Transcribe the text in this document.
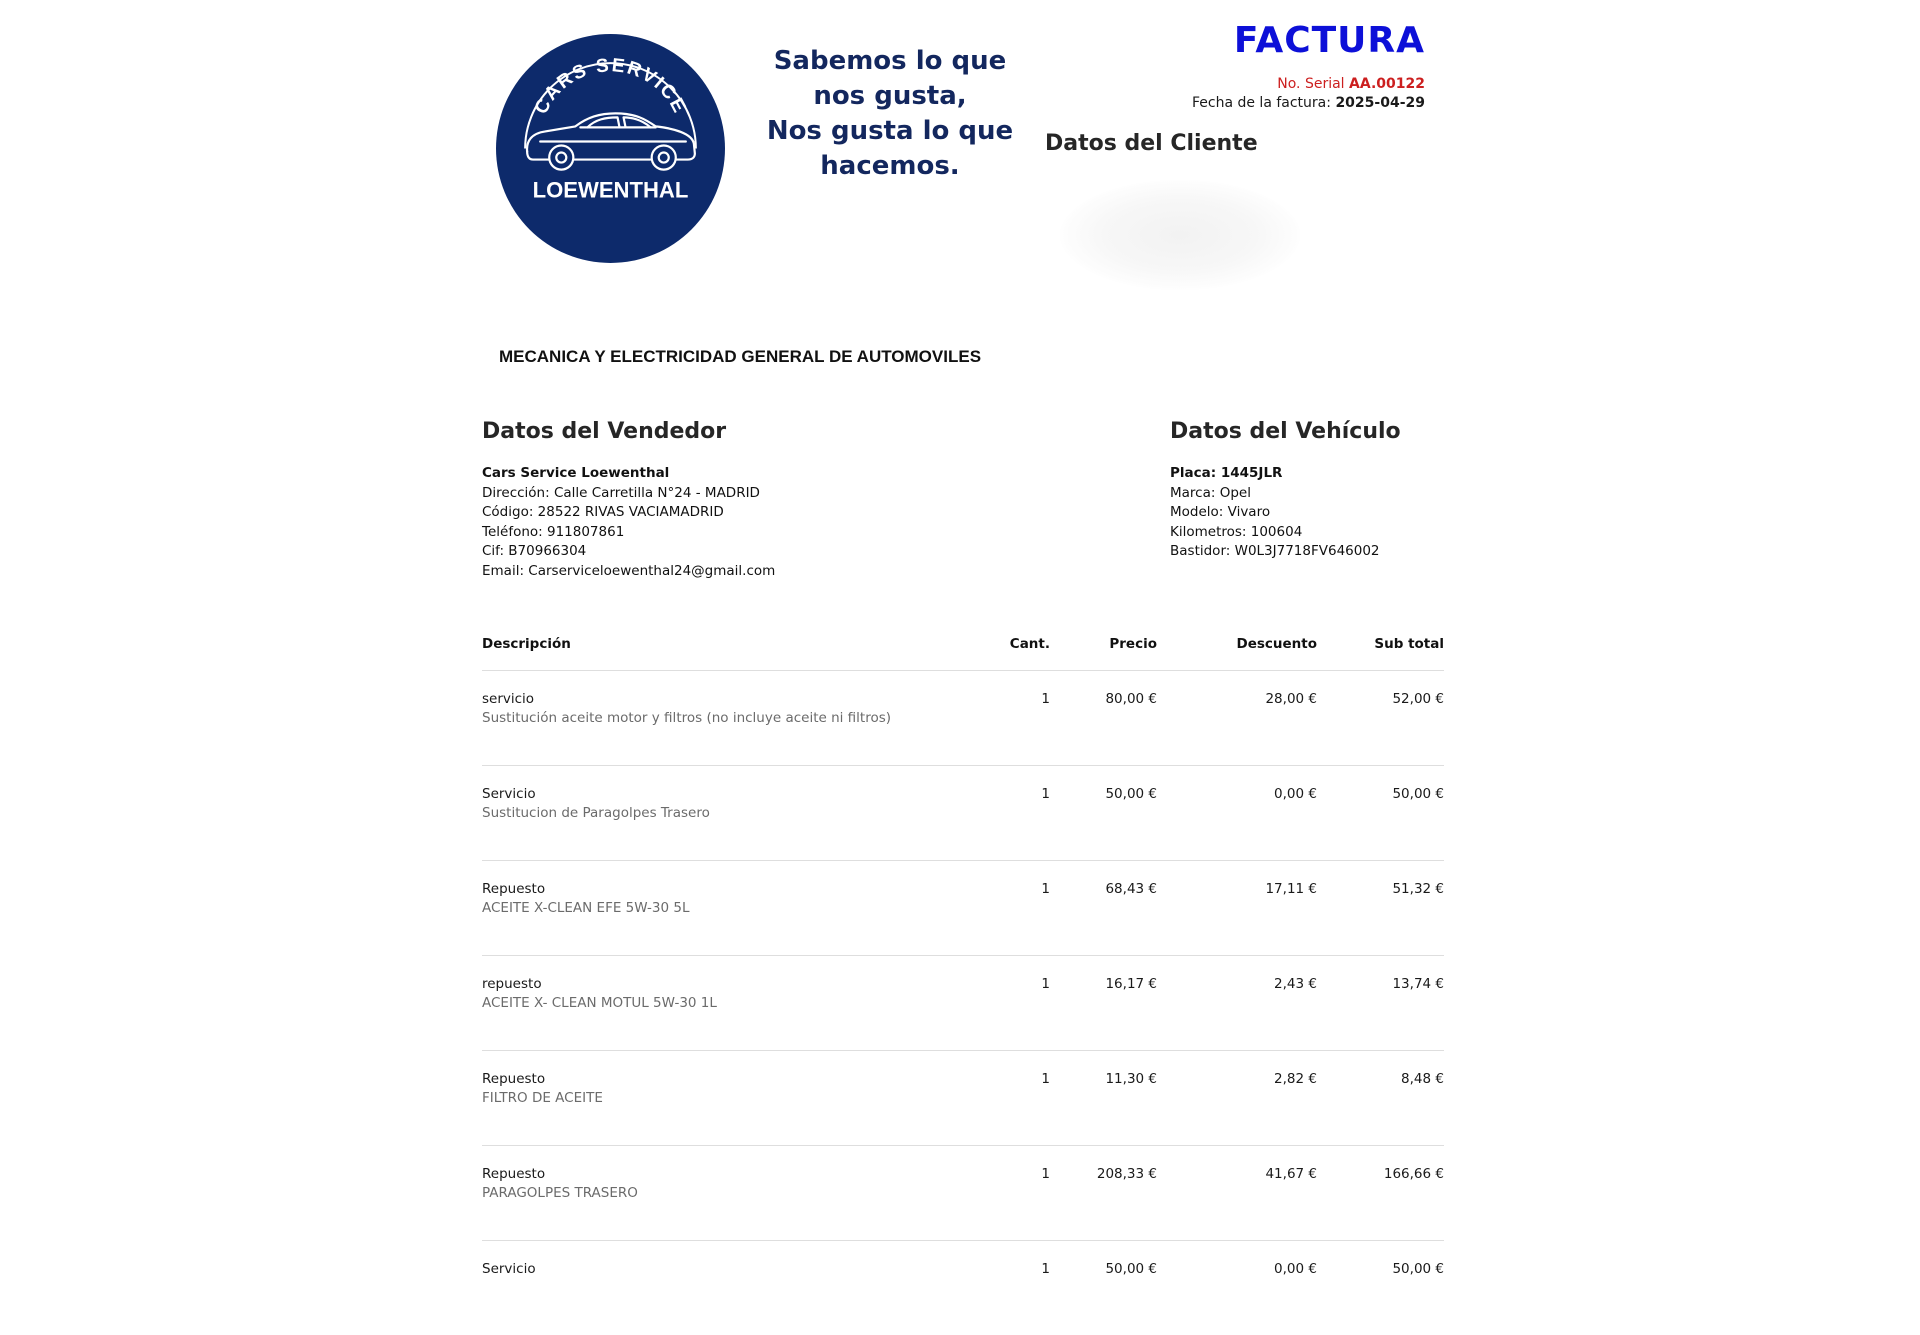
CARS SERVICE
LOEWENTHAL
Sabemos lo que
nos gusta,
Nos gusta lo que
hacemos.
FACTURA
No. Serial AA.00122
Fecha de la factura: 2025-04-29
Datos del Cliente
MECANICA Y ELECTRICIDAD GENERAL DE AUTOMOVILES
Datos del Vendedor
Cars Service Loewenthal
Dirección: Calle Carretilla N°24 - MADRID
Código: 28522 RIVAS VACIAMADRID
Teléfono: 911807861
Cif: B70966304
Email: Carserviceloewenthal24@gmail.com
Datos del Vehículo
Placa: 1445JLR
Marca: Opel
Modelo: Vivaro
Kilometros: 100604
Bastidor: W0L3J7718FV646002
Descripción	Cant.	Precio	Descuento	Sub total
servicio
Sustitución aceite motor y filtros (no incluye aceite ni filtros)
1	80,00 €	28,00 €	52,00 €
Servicio
Sustitucion de Paragolpes Trasero
1	50,00 €	0,00 €	50,00 €
Repuesto
ACEITE X-CLEAN EFE 5W-30 5L
1	68,43 €	17,11 €	51,32 €
repuesto
ACEITE X- CLEAN MOTUL 5W-30 1L
1	16,17 €	2,43 €	13,74 €
Repuesto
FILTRO DE ACEITE
1	11,30 €	2,82 €	8,48 €
Repuesto
PARAGOLPES TRASERO
1	208,33 €	41,67 €	166,66 €
Servicio	1	50,00 €	0,00 €	50,00 €
